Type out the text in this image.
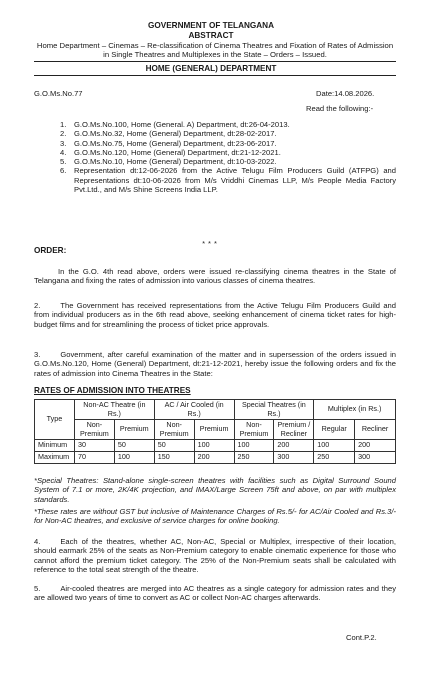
GOVERNMENT OF TELANGANA
ABSTRACT
Home Department – Cinemas – Re-classification of Cinema Theatres and Fixation of Rates of Admission in Single Theatres and Multiplexes in the State – Orders – Issued.
HOME (GENERAL) DEPARTMENT
G.O.Ms.No.77	Date:14.08.2026.
Read the following:-
1. G.O.Ms.No.100, Home (General. A) Department, dt:26-04-2013.
2. G.O.Ms.No.32, Home (General) Department, dt:28-02-2017.
3. G.O.Ms.No.75, Home (General) Department, dt:23-06-2017.
4. G.O.Ms.No.120, Home (General) Department, dt:21-12-2021.
5. G.O.Ms.No.10, Home (General) Department, dt:10-03-2022.
6. Representation dt:12-06-2026 from the Active Telugu Film Producers Guild (ATFPG) and Representations dt:10-06-2026 from M/s Vriddhi Cinemas LLP, M/s People Media Factory Pvt.Ltd., and M/s Shine Screens India LLP.
***
ORDER:
In the G.O. 4th read above, orders were issued re-classifying cinema theatres in the State of Telangana and fixing the rates of admission into various classes of cinema theatres.
2.	The Government has received representations from the Active Telugu Film Producers Guild and from individual producers as in the 6th read above, seeking enhancement of cinema ticket rates for high-budget films and for streamlining the process of ticket price approvals.
3.	Government, after careful examination of the matter and in supersession of the orders issued in G.O.Ms.No.120, Home (General) Department, dt:21-12-2021, hereby issue the following orders and fix the rates of admission into Cinema Theatres in the State:
RATES OF ADMISSION INTO THEATRES
Type	Non-AC Theatre (in Rs.)		AC / Air Cooled (in Rs.)		Special Theatres (in Rs.)		Multiplex (in Rs.)	
	Non-Premium	Premium	Non-Premium	Premium	Non-Premium	Premium / Recliner	Regular	Recliner
Minimum	30	50	50	100	100	200	100	200
Maximum	70	100	150	200	250	300	250	300
*Special Theatres: Stand-alone single-screen theatres with facilities such as Digital Surround Sound System of 7.1 or more, 2K/4K projection, and IMAX/Large Screen 75ft and above, on par with multiplex standards.
*These rates are without GST but inclusive of Maintenance Charges of Rs.5/- for AC/Air Cooled and Rs.3/- for Non-AC theatres, and exclusive of service charges for online booking.
4.	Each of the theatres, whether AC, Non-AC, Special or Multiplex, irrespective of their location, should earmark 25% of the seats as Non-Premium category to enable cinematic experience for those who cannot afford the premium ticket category. The 25% of the Non-Premium seats shall be calculated with reference to the total seat strength of the theatre.
5.	Air-cooled theatres are merged into AC theatres as a single category for admission rates and they are allowed two years of time to convert as AC or collect Non-AC charges afterwards.
Cont.P.2.
